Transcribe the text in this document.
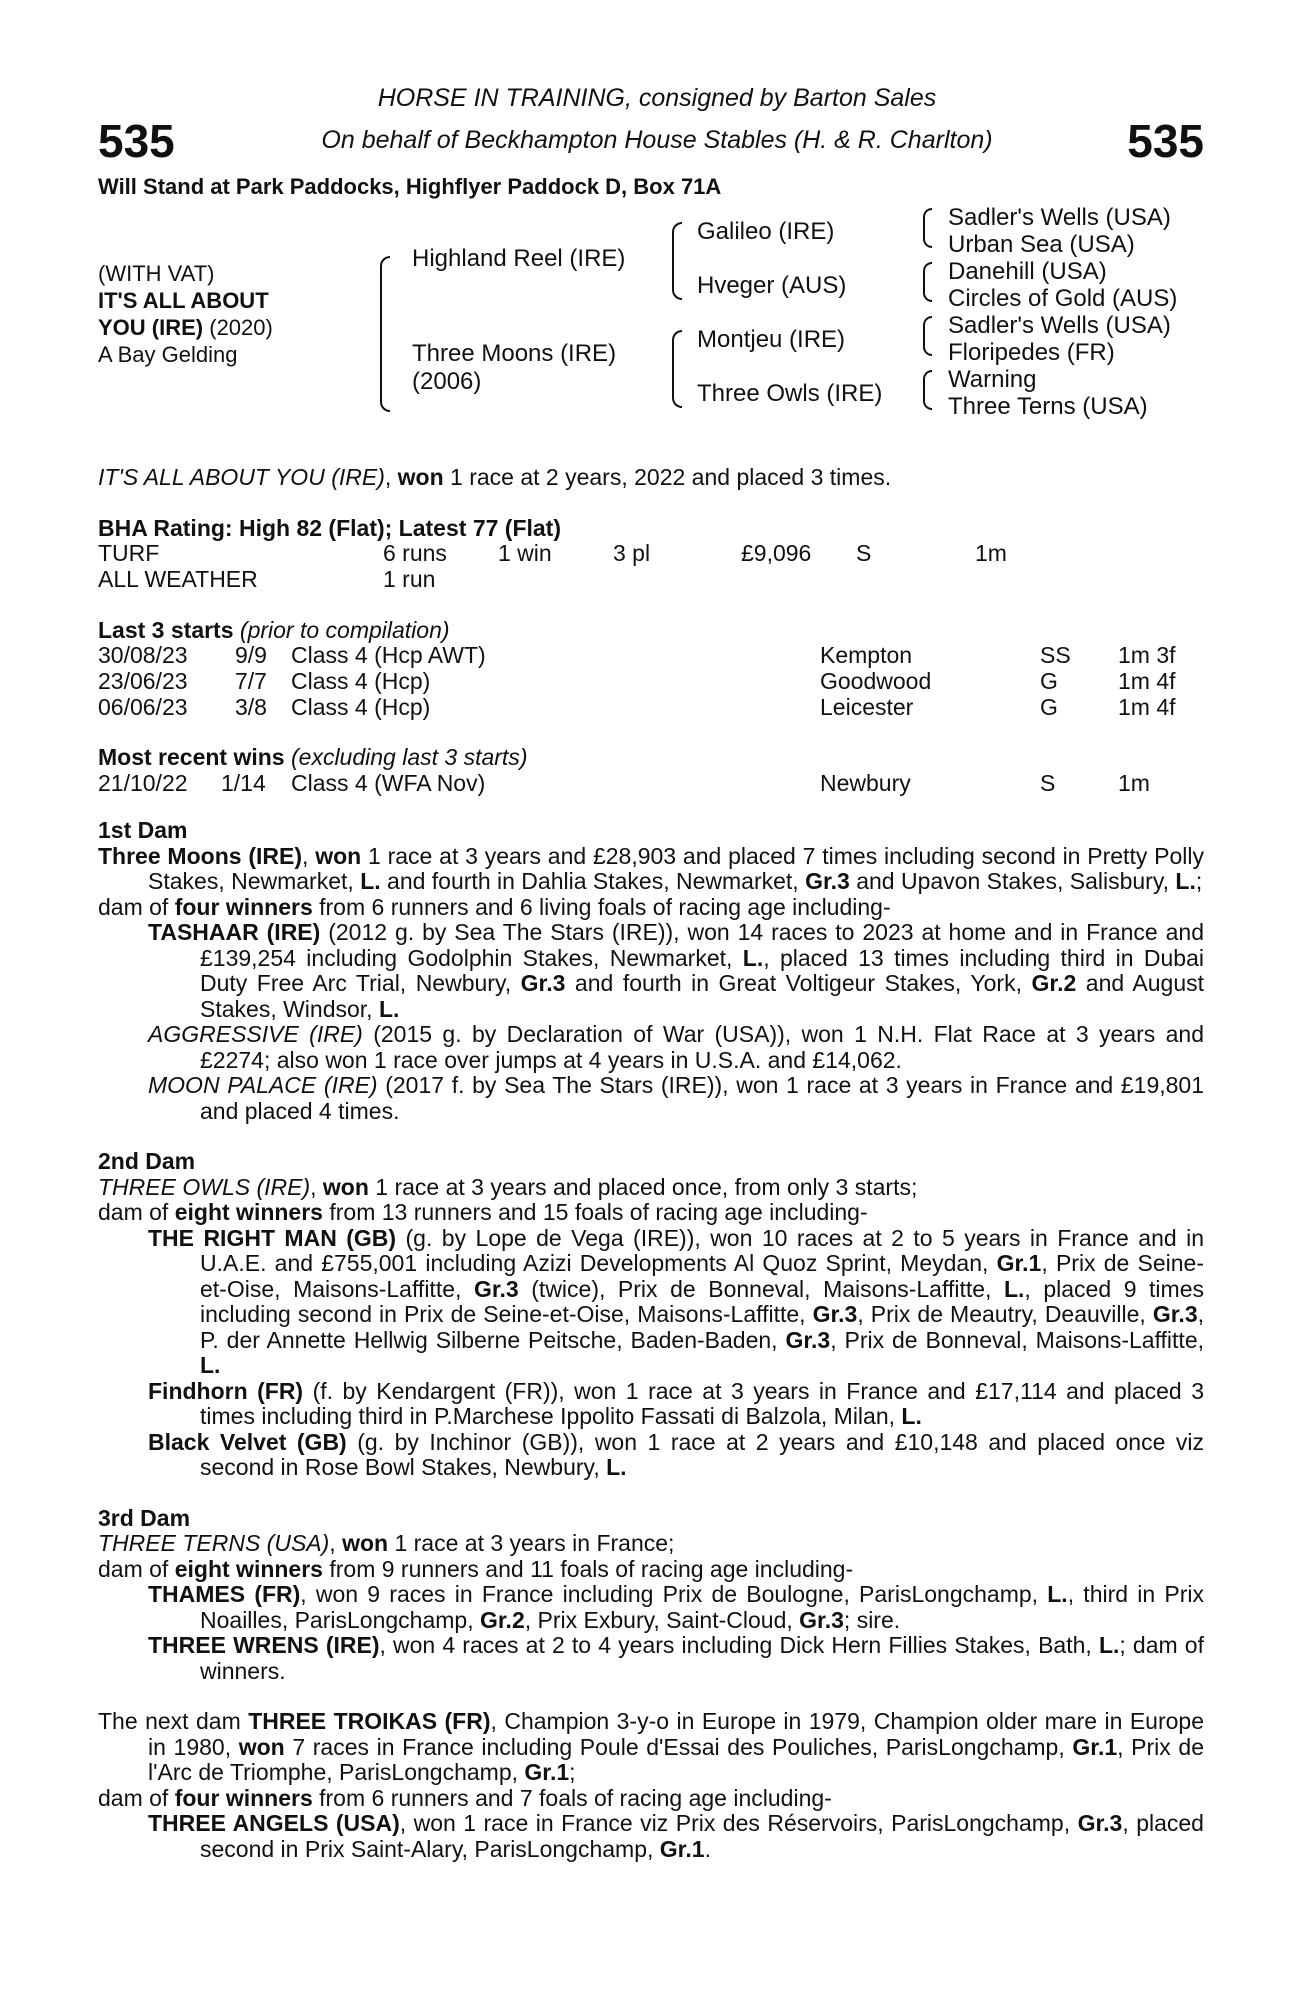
HORSE IN TRAINING, consigned by Barton Sales
On behalf of Beckhampton House Stables (H. & R. Charlton)
535	535
Will Stand at Park Paddocks, Highflyer Paddock D, Box 71A
(WITH VAT)
IT'S ALL ABOUT
YOU (IRE) (2020)
A Bay Gelding
Highland Reel (IRE)
Three Moons (IRE)
(2006)
Galileo (IRE)
Hveger (AUS)
Montjeu (IRE)
Three Owls (IRE)
Sadler's Wells (USA)
Urban Sea (USA)
Danehill (USA)
Circles of Gold (AUS)
Sadler's Wells (USA)
Floripedes (FR)
Warning
Three Terns (USA)
IT'S ALL ABOUT YOU (IRE), won 1 race at 2 years, 2022 and placed 3 times.
BHA Rating: High 82 (Flat); Latest 77 (Flat)
TURF	6 runs 1 win	3 pl	£9,096 S	1m
ALL WEATHER	1 run
Last 3 starts (prior to compilation)
30/08/23 9/9 Class 4 (Hcp AWT)	Kempton	SS 1m 3f
23/06/23 7/7 Class 4 (Hcp)	Goodwood	G	1m 4f
06/06/23 3/8 Class 4 (Hcp)	Leicester	G	1m 4f
Most recent wins (excluding last 3 starts)
21/10/22 1/14 Class 4 (WFA Nov)	Newbury	S	1m
1st Dam

Three Moons (IRE), won 1 race at 3 years and £28,903 and placed 7 times including second in Pretty Polly Stakes, Newmarket, L. and fourth in Dahlia Stakes, Newmarket, Gr.3 and Upavon Stakes, Salisbury, L.;

dam of four winners from 6 runners and 6 living foals of racing age including-

TASHAAR (IRE) (2012 g. by Sea The Stars (IRE)), won 14 races to 2023 at home and in France and £139,254 including Godolphin Stakes, Newmarket, L., placed 13 times including third in Dubai Duty Free Arc Trial, Newbury, Gr.3 and fourth in Great Voltigeur Stakes, York, Gr.2 and August Stakes, Windsor, L.

AGGRESSIVE (IRE) (2015 g. by Declaration of War (USA)), won 1 N.H. Flat Race at 3 years and £2274; also won 1 race over jumps at 4 years in U.S.A. and £14,062.

MOON PALACE (IRE) (2017 f. by Sea The Stars (IRE)), won 1 race at 3 years in France and £19,801 and placed 4 times.

2nd Dam

THREE OWLS (IRE), won 1 race at 3 years and placed once, from only 3 starts;

dam of eight winners from 13 runners and 15 foals of racing age including-

THE RIGHT MAN (GB) (g. by Lope de Vega (IRE)), won 10 races at 2 to 5 years in France and in U.A.E. and £755,001 including Azizi Developments Al Quoz Sprint, Meydan, Gr.1, Prix de Seine-et-Oise, Maisons-Laffitte, Gr.3 (twice), Prix de Bonneval, Maisons-Laffitte, L., placed 9 times including second in Prix de Seine-et-Oise, Maisons-Laffitte, Gr.3, Prix de Meautry, Deauville, Gr.3, P. der Annette Hellwig Silberne Peitsche, Baden-Baden, Gr.3, Prix de Bonneval, Maisons-Laffitte, L.

Findhorn (FR) (f. by Kendargent (FR)), won 1 race at 3 years in France and £17,114 and placed 3 times including third in P.Marchese Ippolito Fassati di Balzola, Milan, L.

Black Velvet (GB) (g. by Inchinor (GB)), won 1 race at 2 years and £10,148 and placed once viz second in Rose Bowl Stakes, Newbury, L.

3rd Dam

THREE TERNS (USA), won 1 race at 3 years in France;

dam of eight winners from 9 runners and 11 foals of racing age including-

THAMES (FR), won 9 races in France including Prix de Boulogne, ParisLongchamp, L., third in Prix Noailles, ParisLongchamp, Gr.2, Prix Exbury, Saint-Cloud, Gr.3; sire.

THREE WRENS (IRE), won 4 races at 2 to 4 years including Dick Hern Fillies Stakes, Bath, L.; dam of winners.

The next dam THREE TROIKAS (FR), Champion 3-y-o in Europe in 1979, Champion older mare in Europe in 1980, won 7 races in France including Poule d'Essai des Pouliches, ParisLongchamp, Gr.1, Prix de l'Arc de Triomphe, ParisLongchamp, Gr.1;

dam of four winners from 6 runners and 7 foals of racing age including-

THREE ANGELS (USA), won 1 race in France viz Prix des Réservoirs, ParisLongchamp, Gr.3, placed second in Prix Saint-Alary, ParisLongchamp, Gr.1.
